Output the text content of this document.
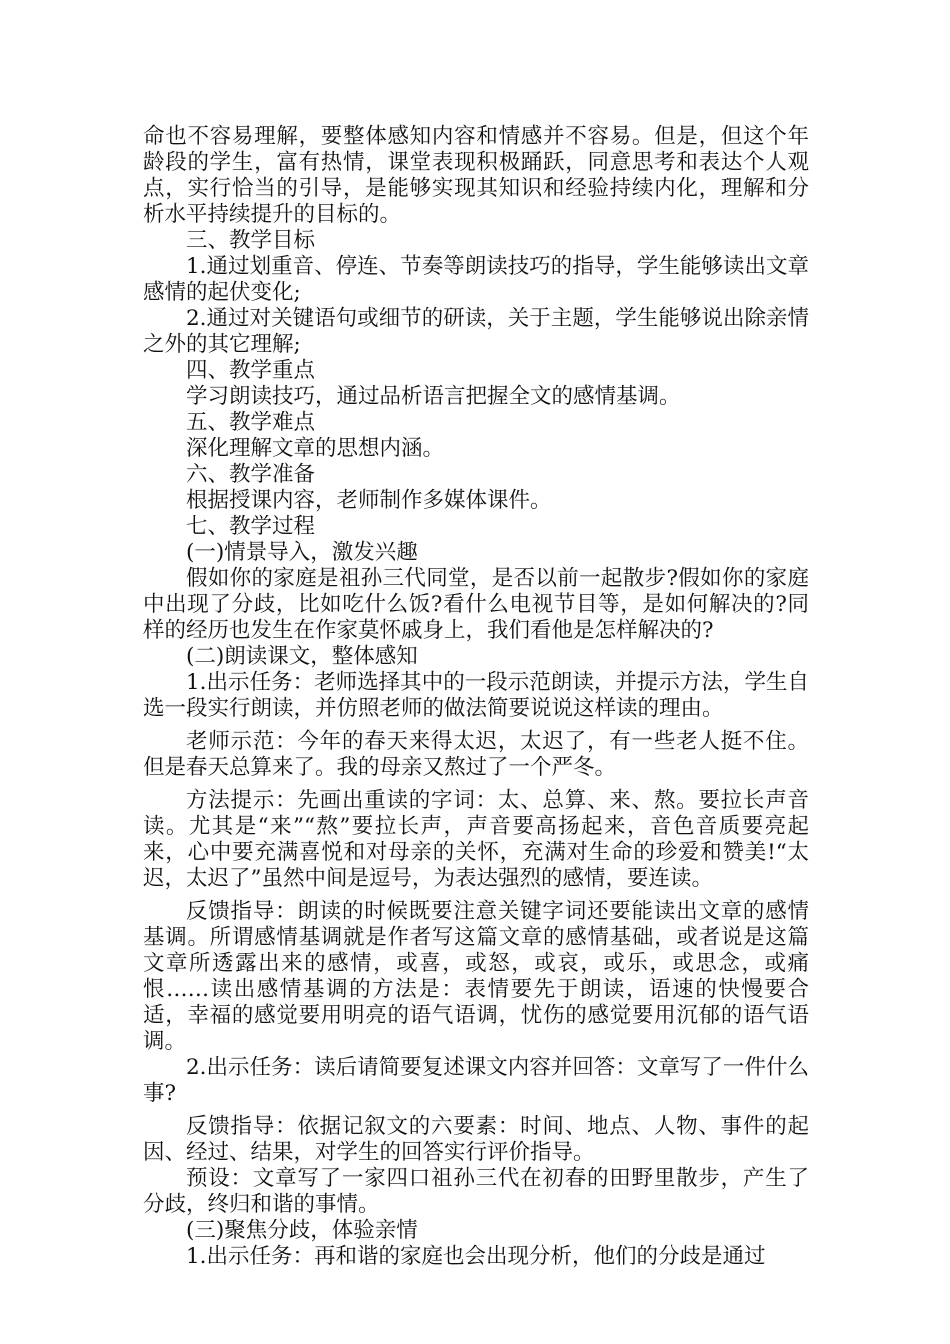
命也不容易理解，要整体感知内容和情感并不容易。但是，但这个年龄段的学生，富有热情，课堂表现积极踊跃，同意思考和表达个人观点，实行恰当的引导，是能够实现其知识和经验持续内化，理解和分析水平持续提升的目标的。

三、教学目标

1.通过划重音、停连、节奏等朗读技巧的指导，学生能够读出文章感情的起伏变化;

2.通过对关键语句或细节的研读，关于主题，学生能够说出除亲情之外的其它理解;

四、教学重点

学习朗读技巧，通过品析语言把握全文的感情基调。

五、教学难点

深化理解文章的思想内涵。

六、教学准备

根据授课内容，老师制作多媒体课件。

七、教学过程

(一)情景导入，激发兴趣

假如你的家庭是祖孙三代同堂，是否以前一起散步?假如你的家庭中出现了分歧，比如吃什么饭?看什么电视节目等，是如何解决的?同样的经历也发生在作家莫怀戚身上，我们看他是怎样解决的?

(二)朗读课文，整体感知

1.出示任务：老师选择其中的一段示范朗读，并提示方法，学生自选一段实行朗读，并仿照老师的做法简要说说这样读的理由。

老师示范：今年的春天来得太迟，太迟了，有一些老人挺不住。但是春天总算来了。我的母亲又熬过了一个严冬。

方法提示：先画出重读的字词：太、总算、来、熬。要拉长声音读。尤其是“来”“熬”要拉长声，声音要高扬起来，音色音质要亮起来，心中要充满喜悦和对母亲的关怀，充满对生命的珍爱和赞美!“太迟，太迟了”虽然中间是逗号，为表达强烈的感情，要连读。

反馈指导：朗读的时候既要注意关键字词还要能读出文章的感情基调。所谓感情基调就是作者写这篇文章的感情基础，或者说是这篇文章所透露出来的感情，或喜，或怒，或哀，或乐，或思念，或痛恨……读出感情基调的方法是：表情要先于朗读，语速的快慢要合适，幸福的感觉要用明亮的语气语调，忧伤的感觉要用沉郁的语气语调。

2.出示任务：读后请简要复述课文内容并回答：文章写了一件什么事?

反馈指导：依据记叙文的六要素：时间、地点、人物、事件的起因、经过、结果，对学生的回答实行评价指导。

预设：文章写了一家四口祖孙三代在初春的田野里散步，产生了分歧，终归和谐的事情。

(三)聚焦分歧，体验亲情

1.出示任务：再和谐的家庭也会出现分析，他们的分歧是通过
